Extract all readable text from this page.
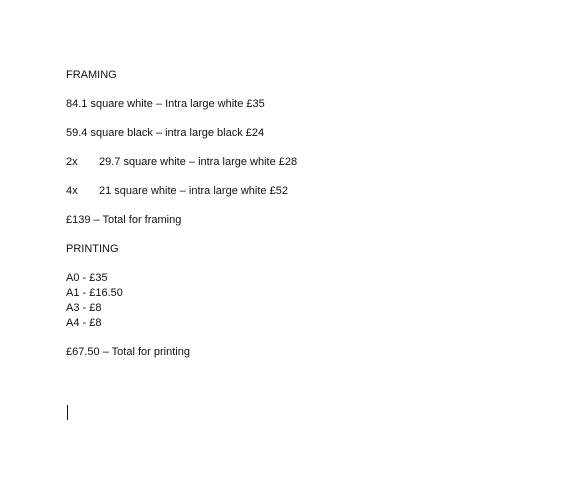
FRAMING

84.1 square white – Intra large white £35

59.4 square black – intra large black £24

2x 29.7 square white – intra large white £28

4x 21 square white – intra large white £52

£139 – Total for framing

PRINTING

A0 - £35
A1 - £16.50
A3 - £8
A4 - £8

£67.50 – Total for printing
